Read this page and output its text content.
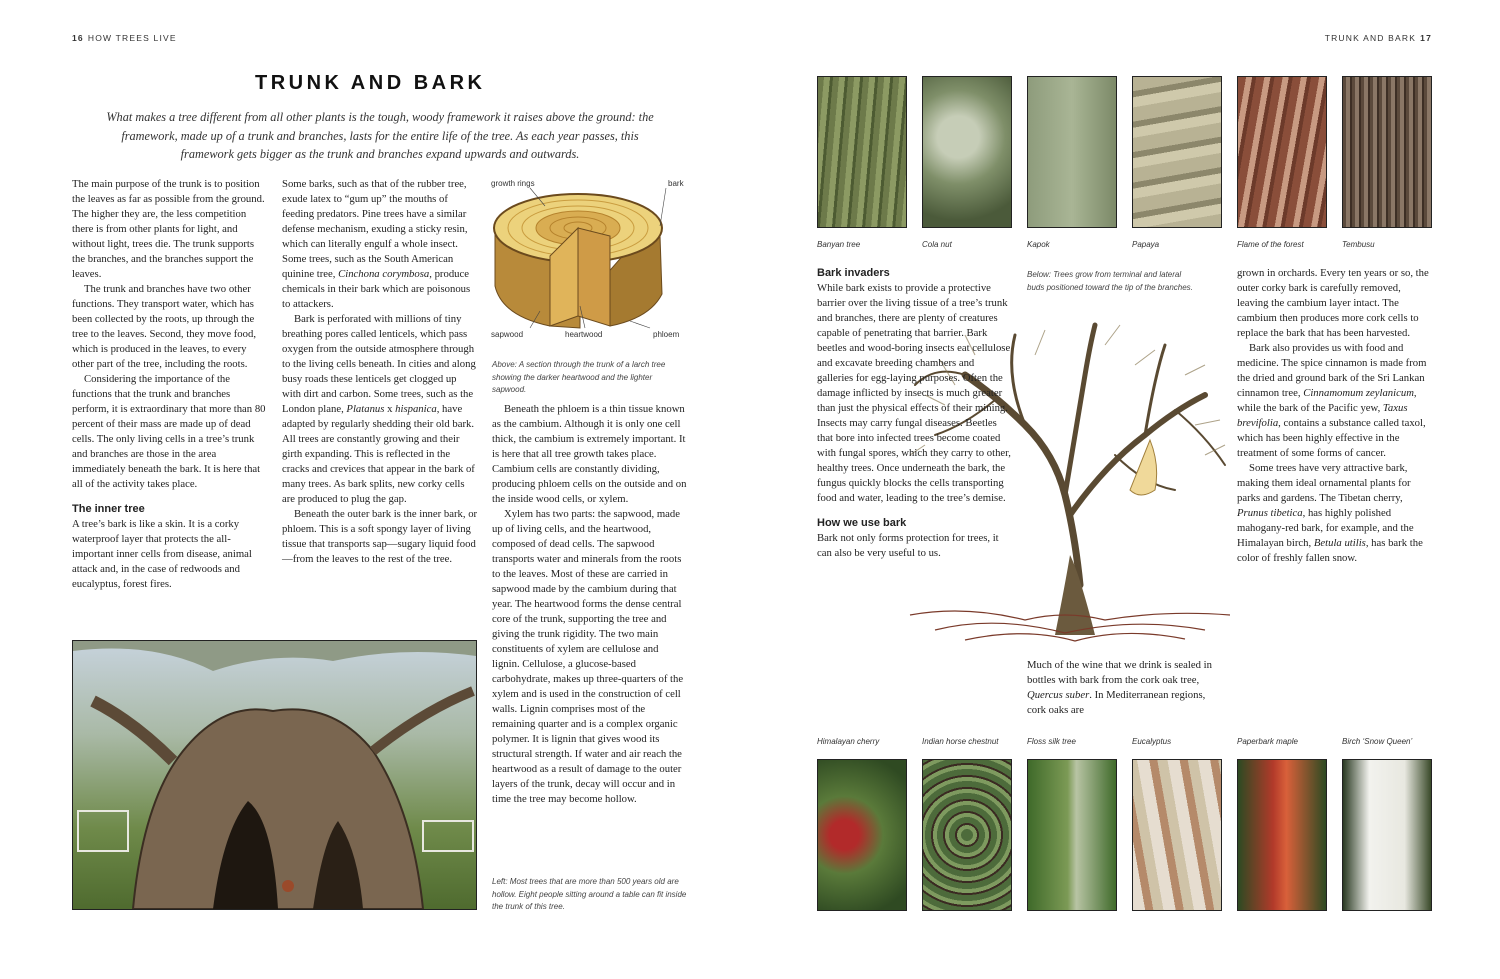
16 HOW TREES LIVE	TRUNK AND BARK 17
TRUNK AND BARK
What makes a tree different from all other plants is the tough, woody framework it raises above the ground: the framework, made up of a trunk and branches, lasts for the entire life of the tree. As each year passes, this framework gets bigger as the trunk and branches expand upwards and outwards.

The main purpose of the trunk is to position the leaves as far as possible from the ground. The higher they are, the less competition there is from other plants for light, and without light, trees die. The trunk supports the branches, and the branches support the leaves.

The trunk and branches have two other functions. They transport water, which has been collected by the roots, up through the tree to the leaves. Second, they move food, which is produced in the leaves, to every other part of the tree, including the roots.

Considering the importance of the functions that the trunk and branches perform, it is extraordinary that more than 80 percent of their mass are made up of dead cells. The only living cells in a tree’s trunk and branches are those in the area immediately beneath the bark. It is here that all of the activity takes place.

The inner tree

A tree’s bark is like a skin. It is a corky waterproof layer that protects the all-important inner cells from disease, animal attack and, in the case of redwoods and eucalyptus, forest fires.

Some barks, such as that of the rubber tree, exude latex to “gum up” the mouths of feeding predators. Pine trees have a similar defense mechanism, exuding a sticky resin, which can literally engulf a whole insect. Some trees, such as the South American quinine tree, Cinchona corymbosa, produce chemicals in their bark which are poisonous to attackers.

Bark is perforated with millions of tiny breathing pores called lenticels, which pass oxygen from the outside atmosphere through to the living cells beneath. In cities and along busy roads these lenticels get clogged up with dirt and carbon. Some trees, such as the London plane, Platanus x hispanica, have adapted by regularly shedding their old bark. All trees are constantly growing and their girth expanding. This is reflected in the cracks and crevices that appear in the bark of many trees. As bark splits, new corky cells are produced to plug the gap.

Beneath the outer bark is the inner bark, or phloem. This is a soft spongy layer of living tissue that transports sap—sugary liquid food—from the leaves to the rest of the tree.

growth rings	bark
sapwood	heartwood	phloem
Above: A section through the trunk of a larch tree showing the darker heartwood and the lighter sapwood.

Beneath the phloem is a thin tissue known as the cambium. Although it is only one cell thick, the cambium is extremely important. It is here that all tree growth takes place. Cambium cells are constantly dividing, producing phloem cells on the outside and on the inside wood cells, or xylem.

Xylem has two parts: the sapwood, made up of living cells, and the heartwood, composed of dead cells. The sapwood transports water and minerals from the roots to the leaves. Most of these are carried in sapwood made by the cambium during that year. The heartwood forms the dense central core of the trunk, supporting the tree and giving the trunk rigidity. The two main constituents of xylem are cellulose and lignin. Cellulose, a glucose-based carbohydrate, makes up three-quarters of the xylem and is used in the construction of cell walls. Lignin comprises most of the remaining quarter and is a complex organic polymer. It is lignin that gives wood its structural strength. If water and air reach the heartwood as a result of damage to the outer layers of the trunk, decay will occur and in time the tree may become hollow.

Left: Most trees that are more than 500 years old are hollow. Eight people sitting around a table can fit inside the trunk of this tree.
Banyan tree	Cola nut	Kapok	Papaya	Flame of the forest	Tembusu
Bark invaders

While bark exists to provide a protective barrier over the living tissue of a tree’s trunk and branches, there are plenty of creatures capable of penetrating that barrier. Bark beetles and wood-boring insects eat cellulose and excavate breeding chambers and galleries for egg-laying purposes. Often the damage inflicted by insects is much greater than just the physical effects of their mining. Insects may carry fungal diseases. Beetles that bore into infected trees become coated with fungal spores, which they carry to other, healthy trees. Once underneath the bark, the fungus quickly blocks the cells transporting food and water, leading to the tree’s demise.

How we use bark

Bark not only forms protection for trees, it can also be very useful to us.

Below: Trees grow from terminal and lateral buds positioned toward the tip of the branches.

Much of the wine that we drink is sealed in bottles with bark from the cork oak tree, Quercus suber. In Mediterranean regions, cork oaks are

grown in orchards. Every ten years or so, the outer corky bark is carefully removed, leaving the cambium layer intact. The cambium then produces more cork cells to replace the bark that has been harvested.

Bark also provides us with food and medicine. The spice cinnamon is made from the dried and ground bark of the Sri Lankan cinnamon tree, Cinnamomum zeylanicum, while the bark of the Pacific yew, Taxus brevifolia, contains a substance called taxol, which has been highly effective in the treatment of some forms of cancer.

Some trees have very attractive bark, making them ideal ornamental plants for parks and gardens. The Tibetan cherry, Prunus tibetica, has highly polished mahogany-red bark, for example, and the Himalayan birch, Betula utilis, has bark the color of freshly fallen snow.

Himalayan cherry	Indian horse chestnut	Floss silk tree	Eucalyptus	Paperbark maple	Birch ‘Snow Queen’
